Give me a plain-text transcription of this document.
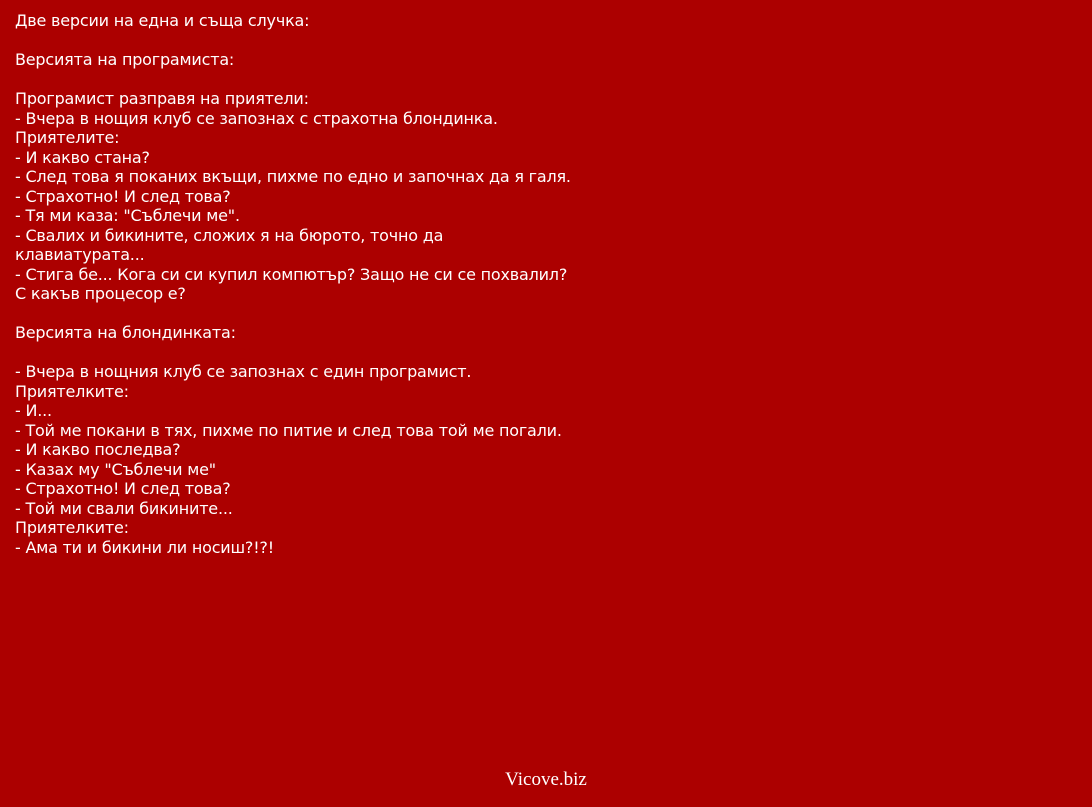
Две версии на една и съща случка:
Версията на програмиста:
Програмист разправя на приятели:
- Вчера в нощия клуб се запознах с страхотна блондинка.
Приятелите:
- И какво стана?
- След това я поканих вкъщи, пихме по едно и започнах да я галя.
- Страхотно! И след това?
- Тя ми каза: "Съблечи ме".
- Свалих и бикините, сложих я на бюрото, точно да клавиатурата...
- Стига бе... Кога си си купил компютър? Защо не си се похвалил? С какъв процесор е?
Версията на блондинката:
- Вчера в нощния клуб се запознах с един програмист.
Приятелките:
- И...
- Той ме покани в тях, пихме по питие и след това той ме погали.
- И какво последва?
- Казах му "Съблечи ме"
- Страхотно! И след това?
- Той ми свали бикините...
Приятелките:
- Ама ти и бикини ли носиш?!?!
Vicove.biz
